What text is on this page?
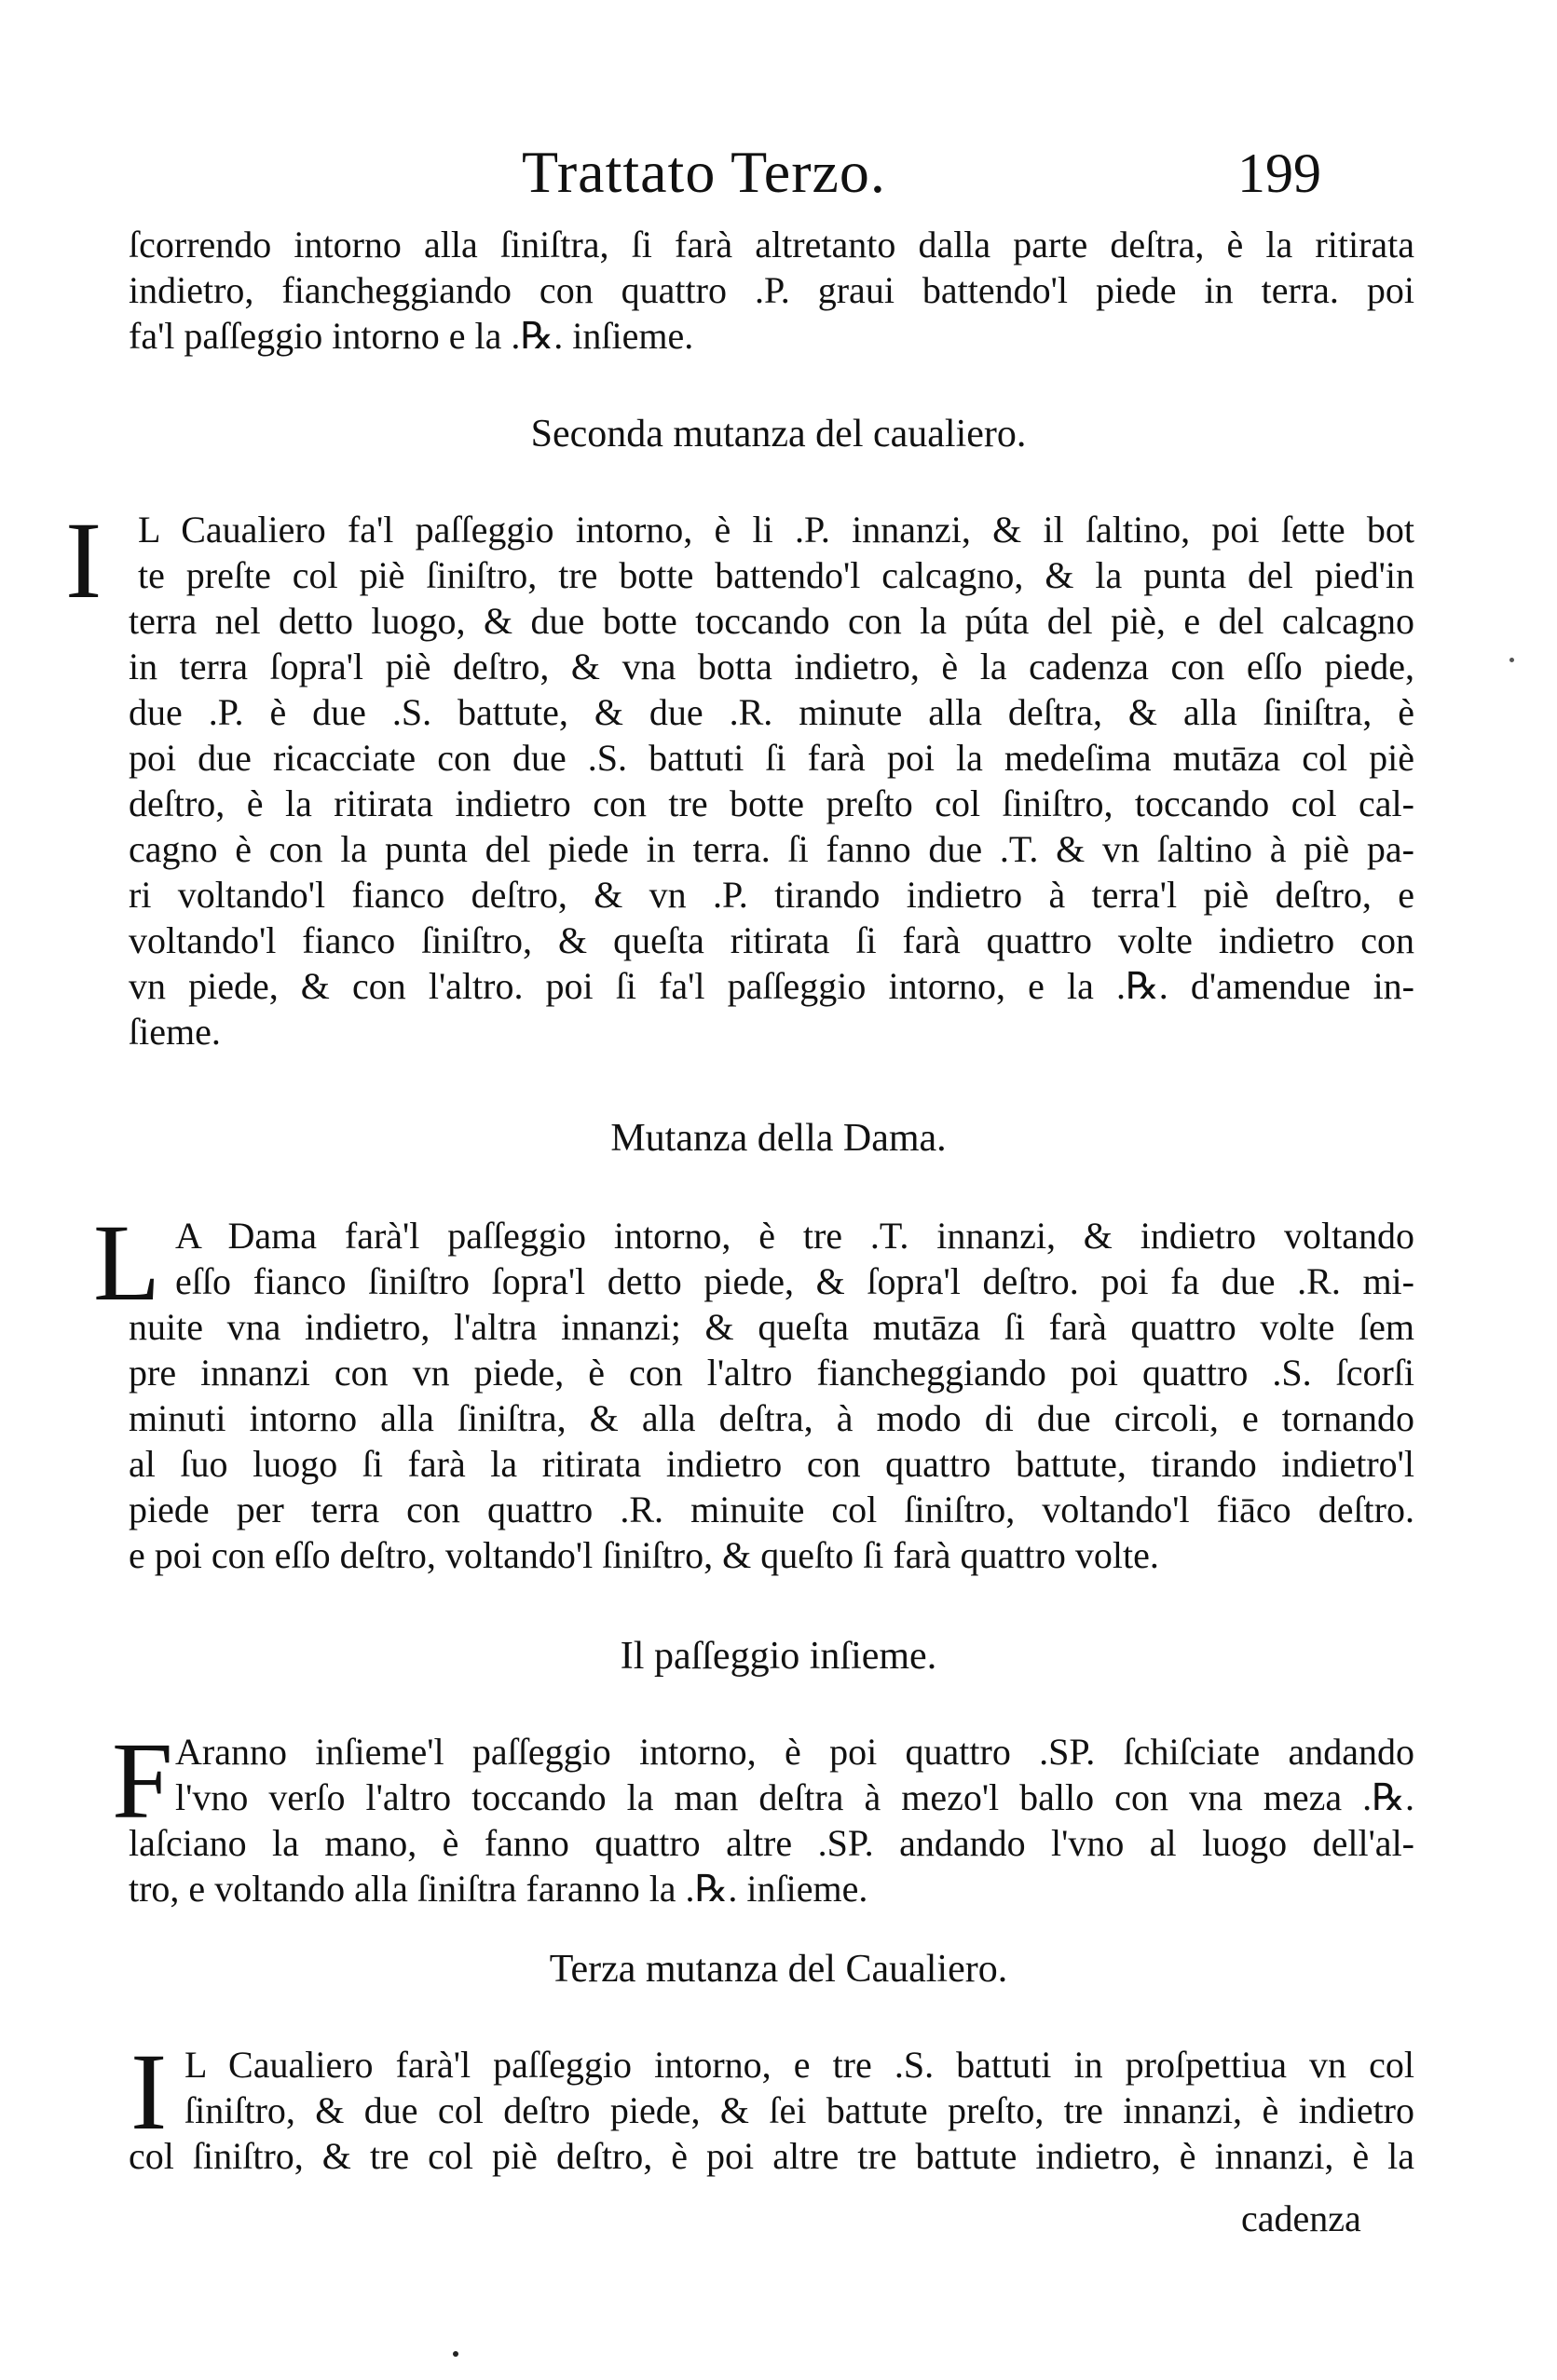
Trattato Terzo.	199
ſcorrendo intorno alla ſiniſtra, ſi farà altretanto dalla parte deſtra, è la ritirata
indietro, fiancheggiando con quattro .P. graui battendo'l piede in terra. poi
fa'l paſſeggio intorno e la .℞. inſieme.
Seconda mutanza del caualiero.
I L Caualiero fa'l paſſeggio intorno, è li .P. innanzi, & il ſaltino, poi ſette bot
te preſte col piè ſiniſtro, tre botte battendo'l calcagno, & la punta del pied'in
terra nel detto luogo, & due botte toccando con la púta del piè, e del calcagno
in terra ſopra'l piè deſtro, & vna botta indietro, è la cadenza con eſſo piede,
due .P. è due .S. battute, & due .R. minute alla deſtra, & alla ſiniſtra, è
poi due ricacciate con due .S. battuti ſi farà poi la medeſima mutāza col piè
deſtro, è la ritirata indietro con tre botte preſto col ſiniſtro, toccando col cal-
cagno è con la punta del piede in terra. ſi fanno due .T. & vn ſaltino à piè pa-
ri voltando'l fianco deſtro, & vn .P. tirando indietro à terra'l piè deſtro, e
voltando'l fianco ſiniſtro, & queſta ritirata ſi farà quattro volte indietro con
vn piede, & con l'altro. poi ſi fa'l paſſeggio intorno, e la .℞. d'amendue in-
ſieme.
Mutanza della Dama.
L A Dama farà'l paſſeggio intorno, è tre .T. innanzi, & indietro voltando
eſſo fianco ſiniſtro ſopra'l detto piede, & ſopra'l deſtro. poi fa due .R. mi-
nuite vna indietro, l'altra innanzi; & queſta mutāza ſi farà quattro volte ſem
pre innanzi con vn piede, è con l'altro fiancheggiando poi quattro .S. ſcorſi
minuti intorno alla ſiniſtra, & alla deſtra, à modo di due circoli, e tornando
al ſuo luogo ſi farà la ritirata indietro con quattro battute, tirando indietro'l
piede per terra con quattro .R. minuite col ſiniſtro, voltando'l fiāco deſtro.
e poi con eſſo deſtro, voltando'l ſiniſtro, & queſto ſi farà quattro volte.
Il paſſeggio inſieme.
F Aranno inſieme'l paſſeggio intorno, è poi quattro .SP. ſchiſciate andando
l'vno verſo l'altro toccando la man deſtra à mezo'l ballo con vna meza .℞.
laſciano la mano, è fanno quattro altre .SP. andando l'vno al luogo dell'al-
tro, e voltando alla ſiniſtra faranno la .℞. inſieme.
Terza mutanza del Caualiero.
I L Caualiero farà'l paſſeggio intorno, e tre .S. battuti in proſpettiua vn col
ſiniſtro, & due col deſtro piede, & ſei battute preſto, tre innanzi, è indietro
col ſiniſtro, & tre col piè deſtro, è poi altre tre battute indietro, è innanzi, è la
cadenza
